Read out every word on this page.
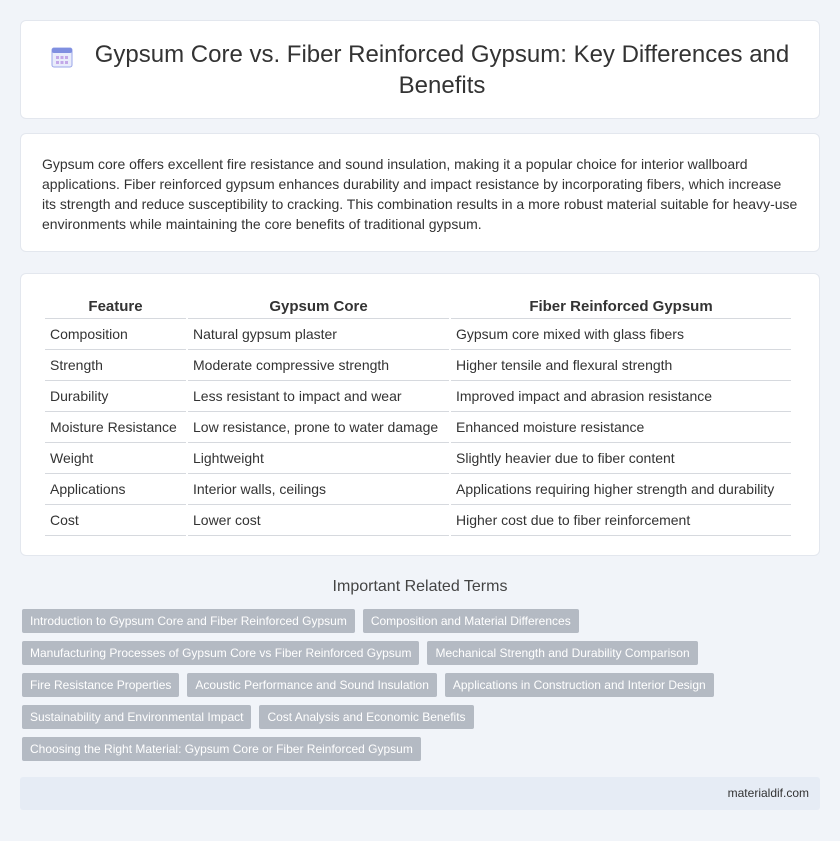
Gypsum Core vs. Fiber Reinforced Gypsum: Key Differences and Benefits

Gypsum core offers excellent fire resistance and sound insulation, making it a popular choice for interior wallboard applications. Fiber reinforced gypsum enhances durability and impact resistance by incorporating fibers, which increase its strength and reduce susceptibility to cracking. This combination results in a more robust material suitable for heavy-use environments while maintaining the core benefits of traditional gypsum.

Feature	Gypsum Core	Fiber Reinforced Gypsum
Composition	Natural gypsum plaster	Gypsum core mixed with glass fibers
Strength	Moderate compressive strength	Higher tensile and flexural strength
Durability	Less resistant to impact and wear	Improved impact and abrasion resistance
Moisture Resistance	Low resistance, prone to water damage	Enhanced moisture resistance
Weight	Lightweight	Slightly heavier due to fiber content
Applications	Interior walls, ceilings	Applications requiring higher strength and durability
Cost	Lower cost	Higher cost due to fiber reinforcement
Important Related Terms
Introduction to Gypsum Core and Fiber Reinforced Gypsum	Composition and Material Differences
Manufacturing Processes of Gypsum Core vs Fiber Reinforced Gypsum	Mechanical Strength and Durability Comparison
Fire Resistance Properties	Acoustic Performance and Sound Insulation	Applications in Construction and Interior Design
Sustainability and Environmental Impact	Cost Analysis and Economic Benefits
Choosing the Right Material: Gypsum Core or Fiber Reinforced Gypsum
materialdif.com
